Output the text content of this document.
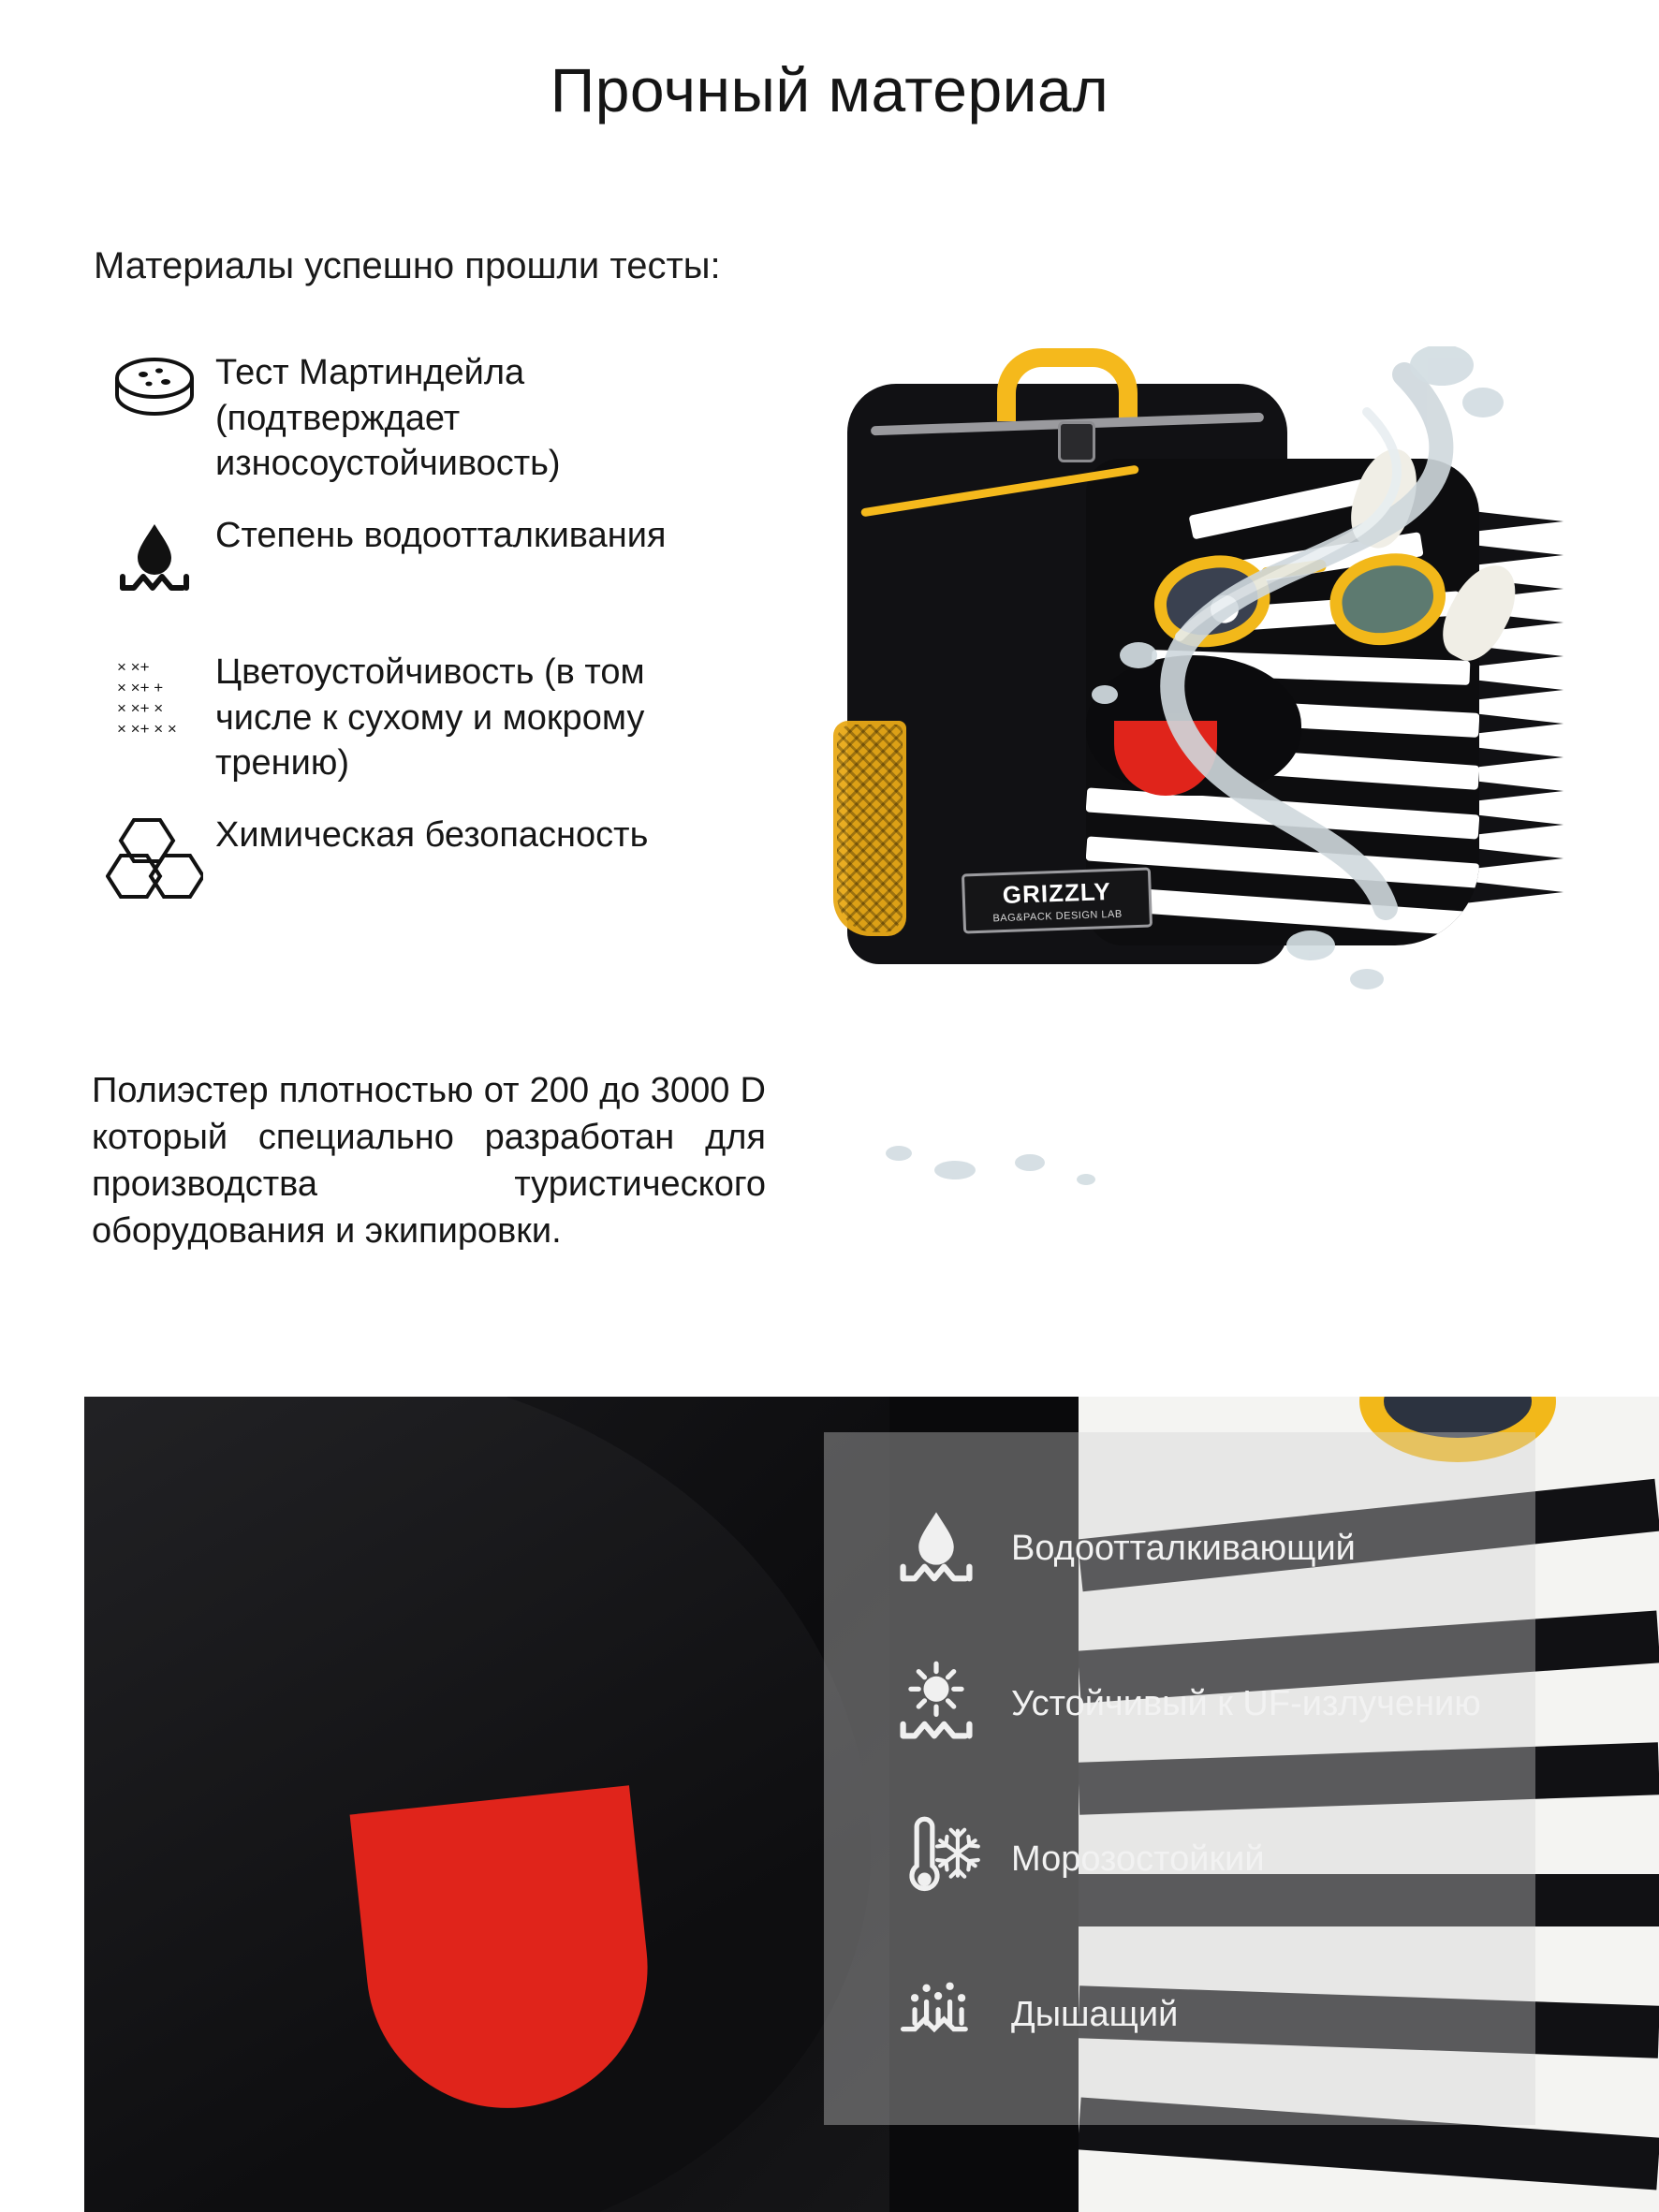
Прочный материал
Материалы успешно прошли тесты:
Тест Мартиндейла (подтверждает износоустойчивость)
Степень водоотталкивания
× ×+
× ×+ +
× ×+ ×
× ×+ × ×
Цветоустойчивость (в том числе к сухому и мокрому трению)
Химическая безопасность
Полиэстер плотностью от 200 до 3000 D который специально разработан для производства туристического оборудования и экипировки.
GRIZZLY
BAG&PACK DESIGN LAB
Водоотталкивающий
Устойчивый к UF-излучению
Морозостойкий
Дышащий
